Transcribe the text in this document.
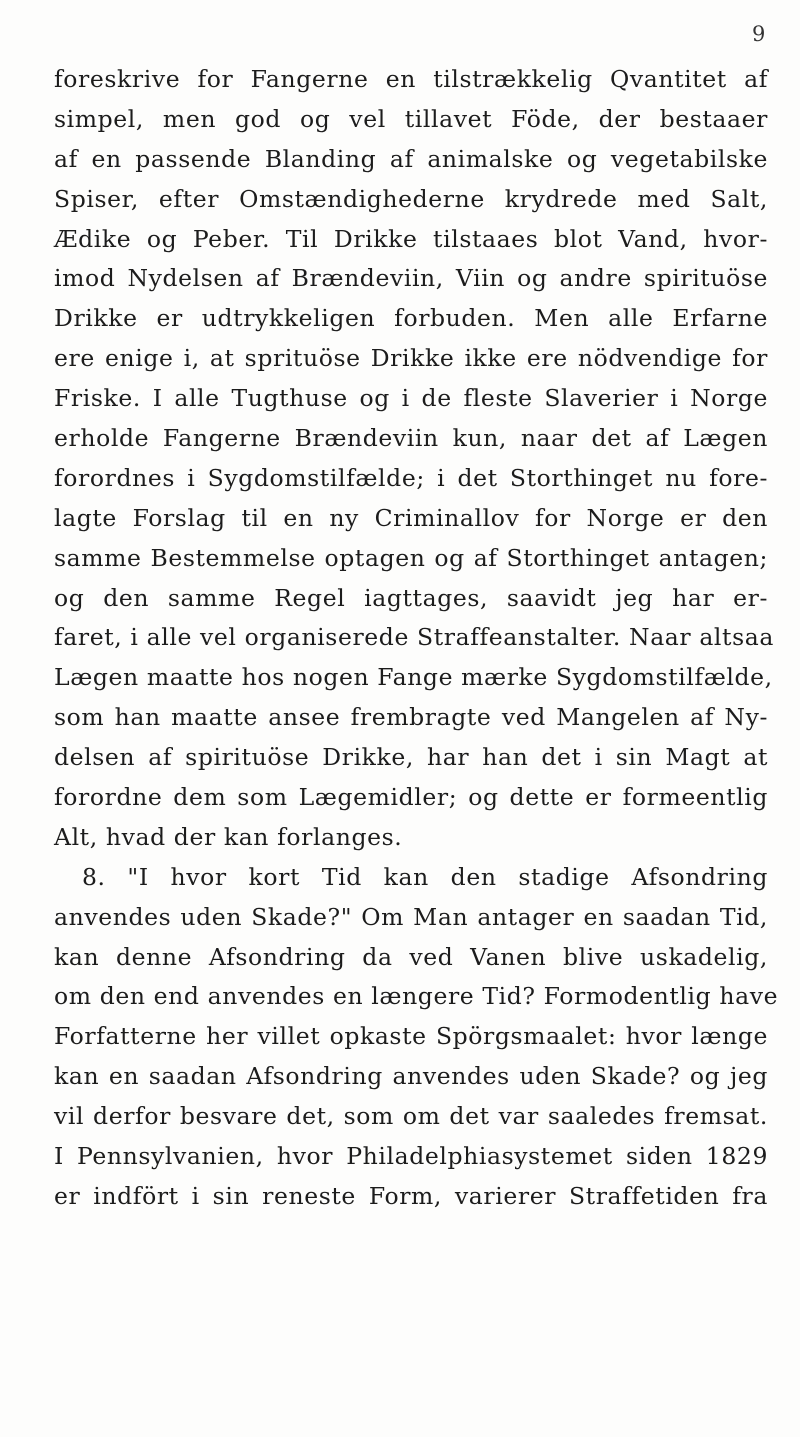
9
foreskrive for Fangerne en tilstrækkelig Qvantitet af
simpel, men god og vel tillavet Föde, der bestaaer
af en passende Blanding af animalske og vegetabilske
Spiser, efter Omstændighederne krydrede med Salt,
Ædike og Peber. Til Drikke tilstaaes blot Vand, hvor-
imod Nydelsen af Brændeviin, Viin og andre spirituöse
Drikke er udtrykkeligen forbuden. Men alle Erfarne
ere enige i, at sprituöse Drikke ikke ere nödvendige for
Friske. I alle Tugthuse og i de fleste Slaverier i Norge
erholde Fangerne Brændeviin kun, naar det af Lægen
forordnes i Sygdomstilfælde; i det Storthinget nu fore-
lagte Forslag til en ny Criminallov for Norge er den
samme Bestemmelse optagen og af Storthinget antagen;
og den samme Regel iagttages, saavidt jeg har er-
faret, i alle vel organiserede Straffeanstalter. Naar altsaa
Lægen maatte hos nogen Fange mærke Sygdomstilfælde,
som han maatte ansee frembragte ved Mangelen af Ny-
delsen af spirituöse Drikke, har han det i sin Magt at
forordne dem som Lægemidler; og dette er formeentlig
Alt, hvad der kan forlanges.
8. "I hvor kort Tid kan den stadige Afsondring
anvendes uden Skade?" Om Man antager en saadan Tid,
kan denne Afsondring da ved Vanen blive uskadelig,
om den end anvendes en længere Tid? Formodentlig have
Forfatterne her villet opkaste Spörgsmaalet: hvor længe
kan en saadan Afsondring anvendes uden Skade? og jeg
vil derfor besvare det, som om det var saaledes fremsat.
I Pennsylvanien, hvor Philadelphiasystemet siden 1829
er indfört i sin reneste Form, varierer Straffetiden fra
